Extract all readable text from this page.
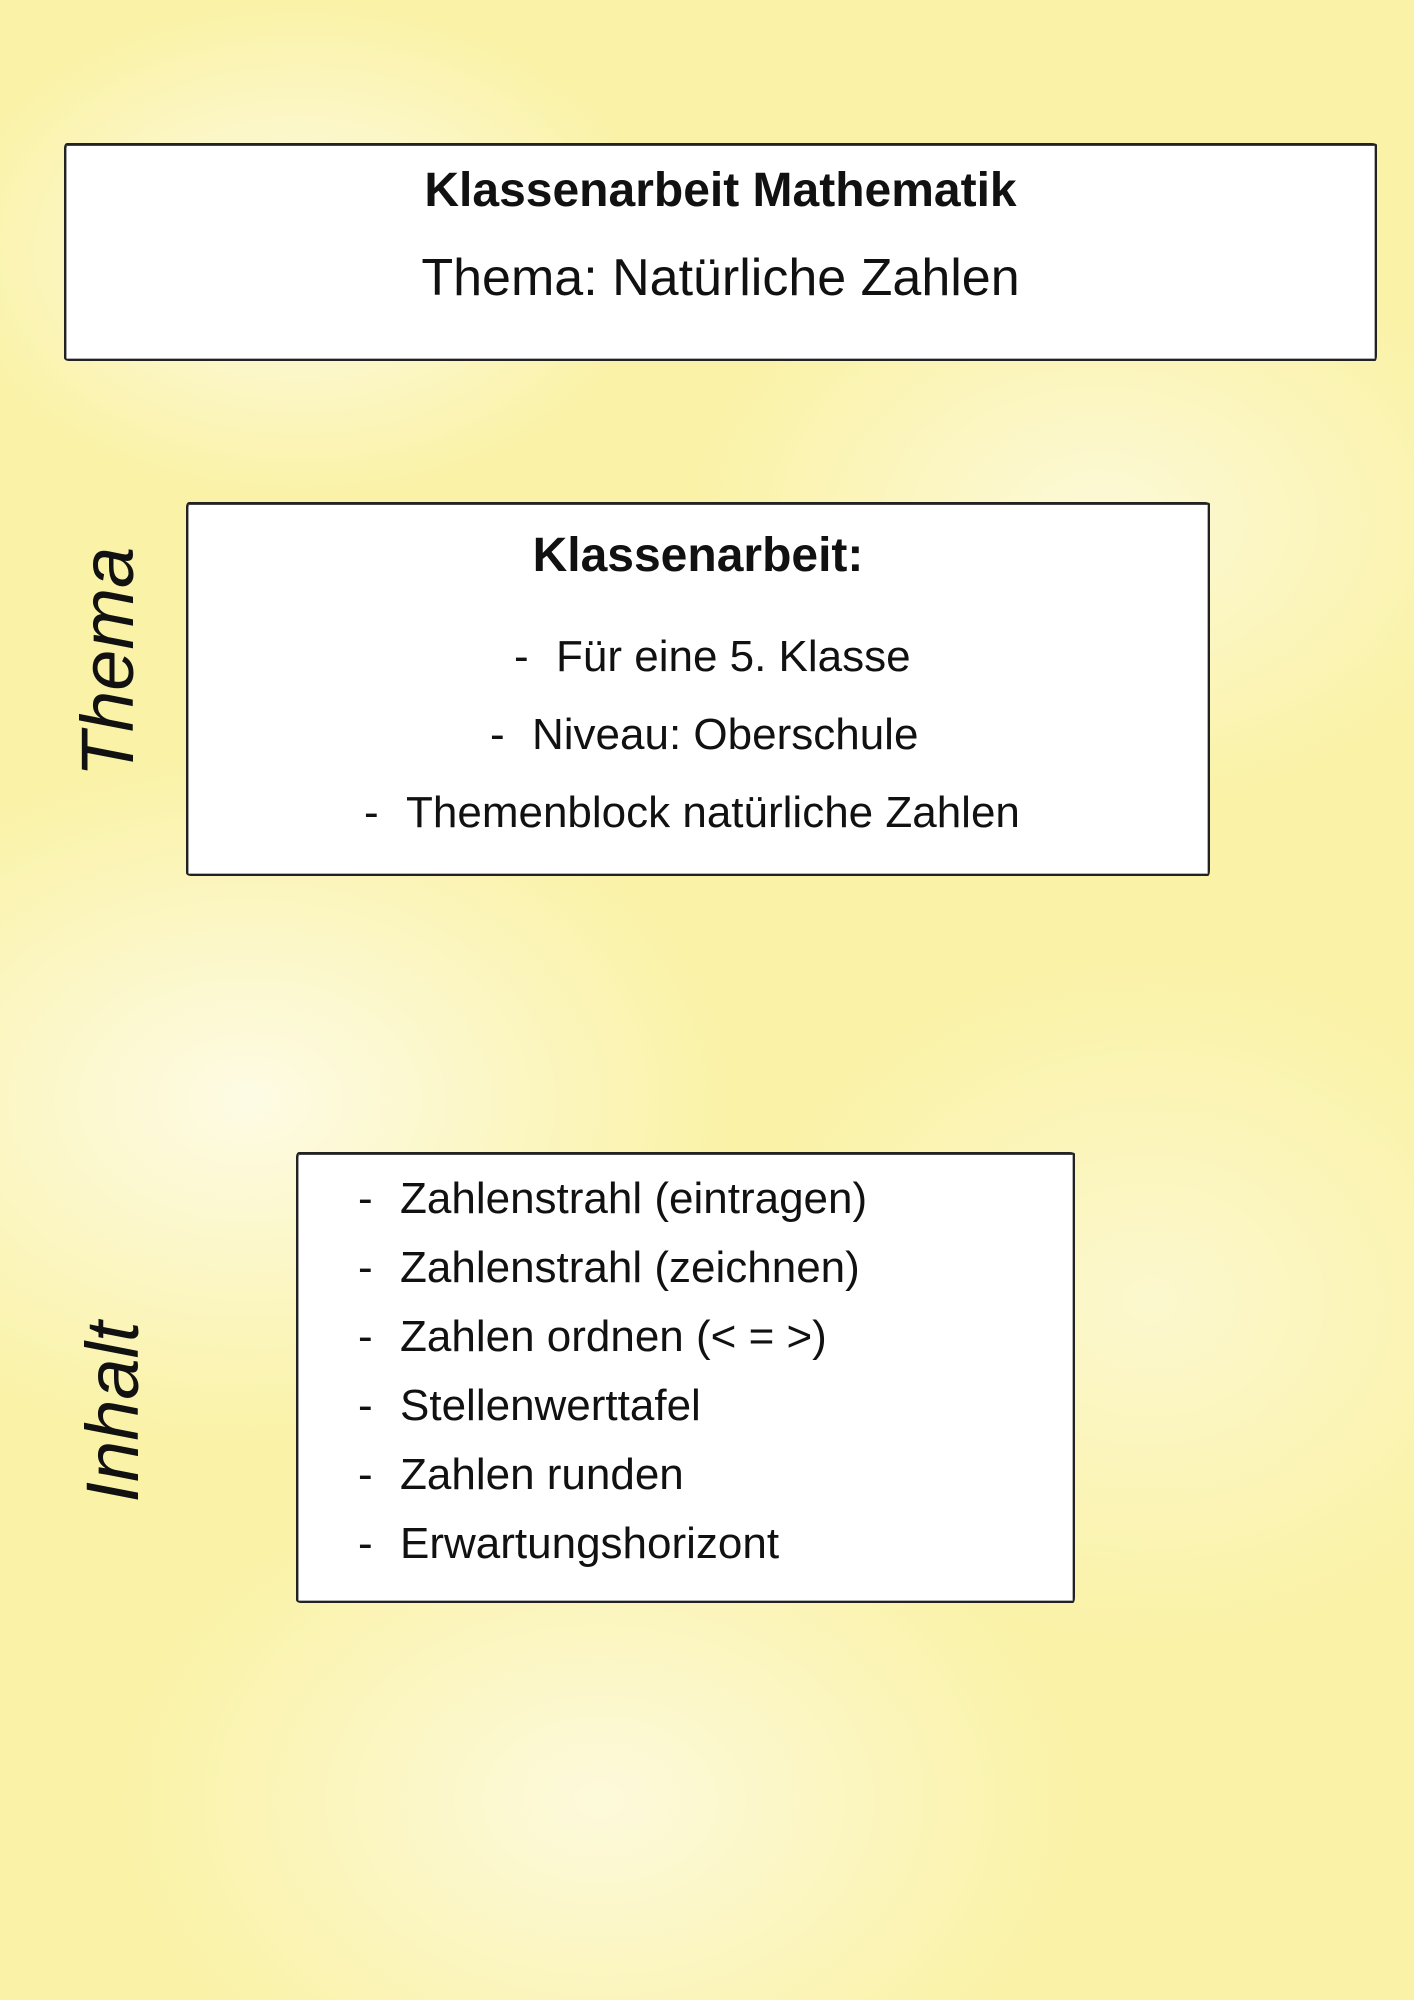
Klassenarbeit Mathematik
Thema: Natürliche Zahlen
Thema	Klassenarbeit:
- Für eine 5. Klasse
- Niveau: Oberschule
- Themenblock natürliche Zahlen
Inhalt
- Zahlenstrahl (eintragen)
- Zahlenstrahl (zeichnen)
- Zahlen ordnen (< = >)
- Stellenwerttafel
- Zahlen runden
- Erwartungshorizont
